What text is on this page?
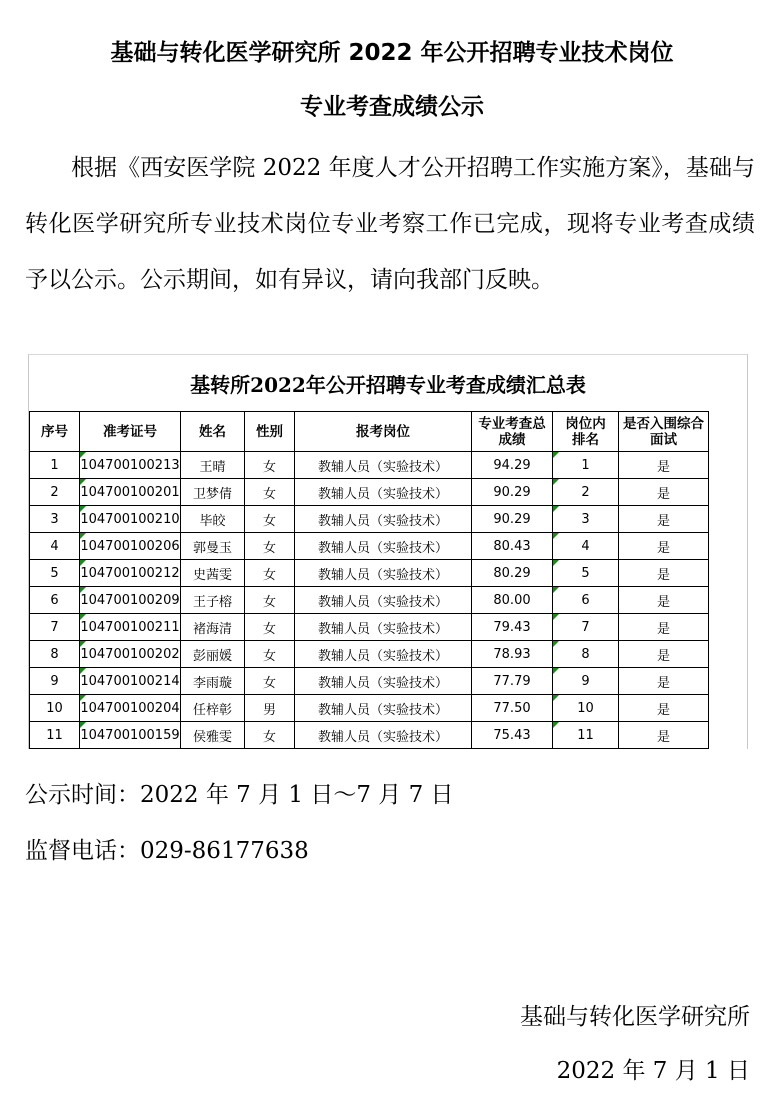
基础与转化医学研究所 2022 年公开招聘专业技术岗位
专业考查成绩公示
根据《西安医学院 2022 年度人才公开招聘工作实施方案》，基础与转化医学研究所专业技术岗位专业考察工作已完成，现将专业考查成绩予以公示。公示期间，如有异议，请向我部门反映。
基转所2022年公开招聘专业考查成绩汇总表
序号	准考证号	姓名	性别	报考岗位	专业考查总成绩	岗位内排名	是否入围综合面试
1	104700100213	王晴	女	教辅人员（实验技术）	94.29	1	是
2	104700100201	卫梦倩	女	教辅人员（实验技术）	90.29	2	是
3	104700100210	毕皎	女	教辅人员（实验技术）	90.29	3	是
4	104700100206	郭曼玉	女	教辅人员（实验技术）	80.43	4	是
5	104700100212	史茜雯	女	教辅人员（实验技术）	80.29	5	是
6	104700100209	王子榕	女	教辅人员（实验技术）	80.00	6	是
7	104700100211	褚海清	女	教辅人员（实验技术）	79.43	7	是
8	104700100202	彭丽媛	女	教辅人员（实验技术）	78.93	8	是
9	104700100214	李雨璇	女	教辅人员（实验技术）	77.79	9	是
10	104700100204	任梓彰	男	教辅人员（实验技术）	77.50	10	是
11	104700100159	侯雅雯	女	教辅人员（实验技术）	75.43	11	是
公示时间：2022 年 7 月 1 日～7 月 7 日
监督电话：029-86177638
基础与转化医学研究所
2022 年 7 月 1 日
